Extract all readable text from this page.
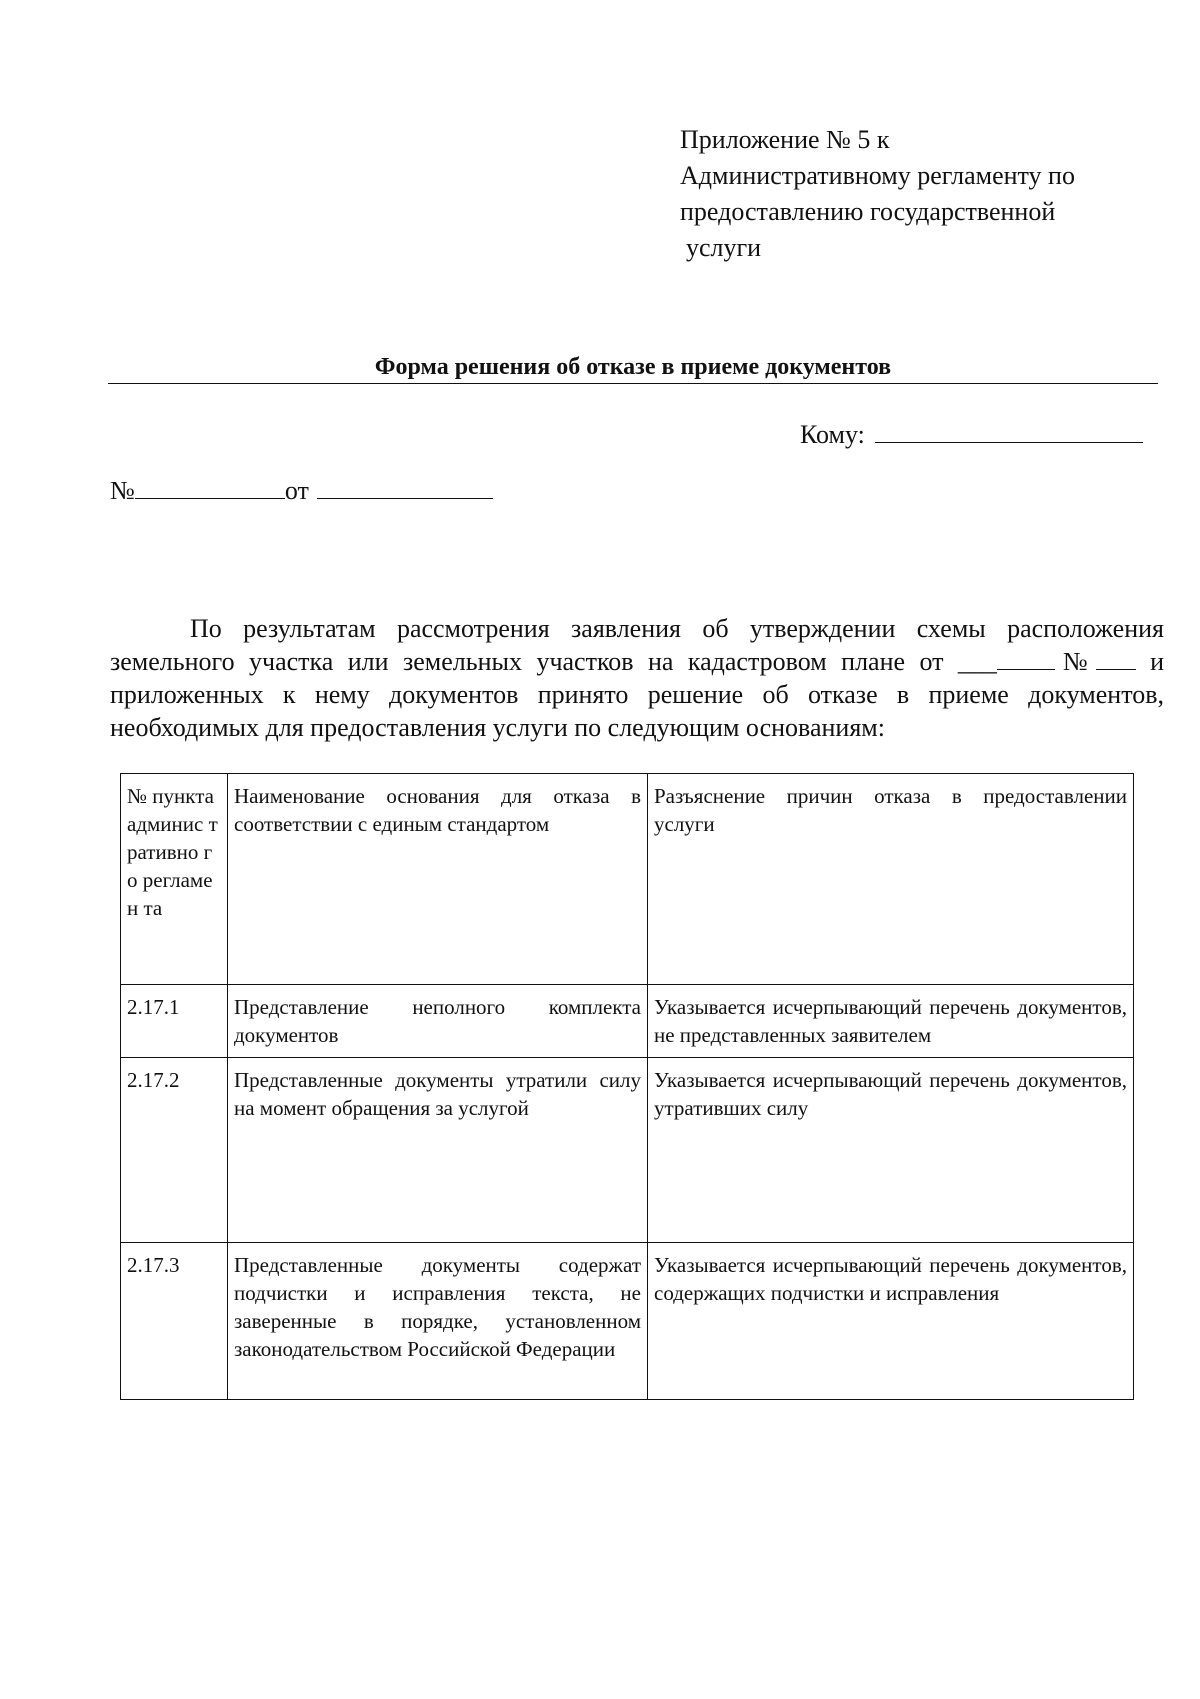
Приложение № 5 к
Административному регламенту по
предоставлению государственной
услуги
Форма решения об отказе в приеме документов
Кому:
№	от
По результатам рассмотрения заявления об утверждении схемы расположения земельного участка или земельных участков на кадастровом плане от ___ № и приложенных к нему документов принято решение об отказе в приеме документов, необходимых для предоставления услуги по следующим основаниям:
№ пункта админис тративно го регламен та	Наименование основания для отказа в соответствии с единым стандартом	Разъяснение причин отказа в предоставлении услуги
2.17.1	Представление неполного комплекта документов	Указывается исчерпывающий перечень документов, не представленных заявителем
2.17.2	Представленные документы утратили силу на момент обращения за услугой	Указывается исчерпывающий перечень документов, утративших силу
2.17.3	Представленные документы содержат подчистки и исправления текста, не заверенные в порядке, установленном законодательством Российской Федерации	Указывается исчерпывающий перечень документов, содержащих подчистки и исправления
